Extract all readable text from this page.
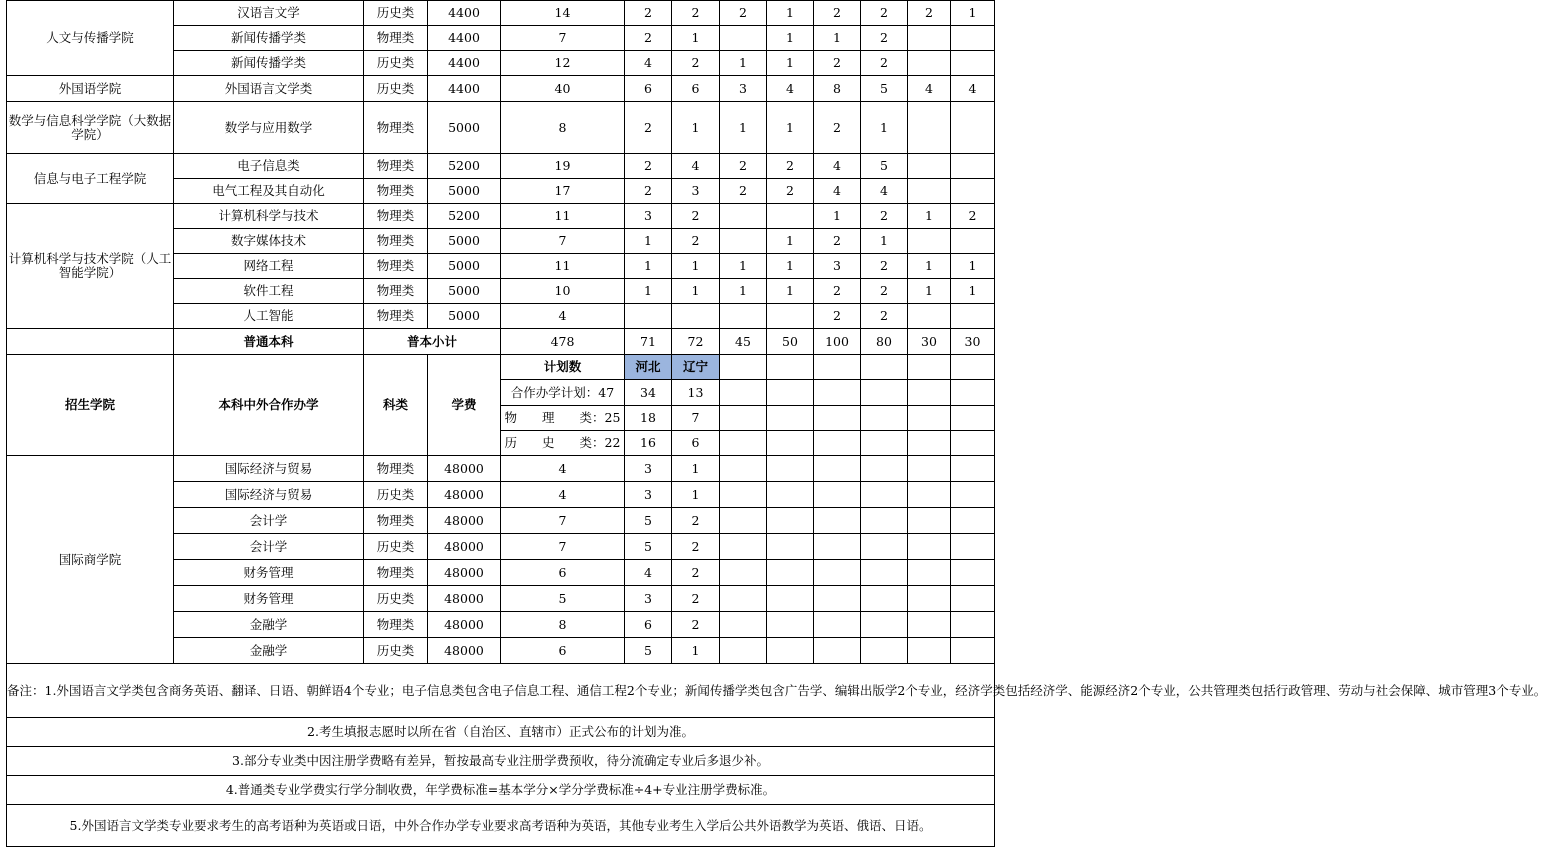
人文与传播学院	汉语言文学	历史类	4400	14	2	2	2	1	2	2	2	1
	新闻传播学类	物理类	4400	7	2	1		1	1	2		
	新闻传播学类	历史类	4400	12	4	2	1	1	2	2		
外国语学院	外国语言文学类	历史类	4400	40	6	6	3	4	8	5	4	4
数学与信息科学学院（大数据学院）	数学与应用数学	物理类	5000	8	2	1	1	1	2	1		
信息与电子工程学院	电子信息类	物理类	5200	19	2	4	2	2	4	5		
	电气工程及其自动化	物理类	5000	17	2	3	2	2	4	4		
计算机科学与技术学院（人工智能学院）	计算机科学与技术	物理类	5200	11	3	2			1	2	1	2
	数字媒体技术	物理类	5000	7	1	2		1	2	1		
	网络工程	物理类	5000	11	1	1	1	1	3	2	1	1
	软件工程	物理类	5000	10	1	1	1	1	2	2	1	1
	人工智能	物理类	5000	4					2	2		
	普通本科	普本小计		478	71	72	45	50	100	80	30	30
招生学院	本科中外合作办学	科类	学费	计划数	河北	辽宁						
				合作办学计划：47	34	13						
				物　　理　　类：25	18	7						
				历　　史　　类：22	16	6						
国际商学院	国际经济与贸易	物理类	48000	4	3	1						
	国际经济与贸易	历史类	48000	4	3	1						
	会计学	物理类	48000	7	5	2						
	会计学	历史类	48000	7	5	2						
	财务管理	物理类	48000	6	4	2						
	财务管理	历史类	48000	5	3	2						
	金融学	物理类	48000	8	6	2						
	金融学	历史类	48000	6	5	1						
备注：1.外国语言文学类包含商务英语、翻译、日语、朝鲜语4个专业；电子信息类包含电子信息工程、通信工程2个专业；新闻传播学类包含广告学、编辑出版学2个专业，经济学类包括经济学、能源经济2个专业，公共管理类包括行政管理、劳动与社会保障、城市管理3个专业。												
2.考生填报志愿时以所在省（自治区、直辖市）正式公布的计划为准。												
3.部分专业类中因注册学费略有差异，暂按最高专业注册学费预收，待分流确定专业后多退少补。												
4.普通类专业学费实行学分制收费，年学费标准=基本学分×学分学费标准÷4+专业注册学费标准。												
5.外国语言文学类专业要求考生的高考语种为英语或日语，中外合作办学专业要求高考语种为英语，其他专业考生入学后公共外语教学为英语、俄语、日语。												
